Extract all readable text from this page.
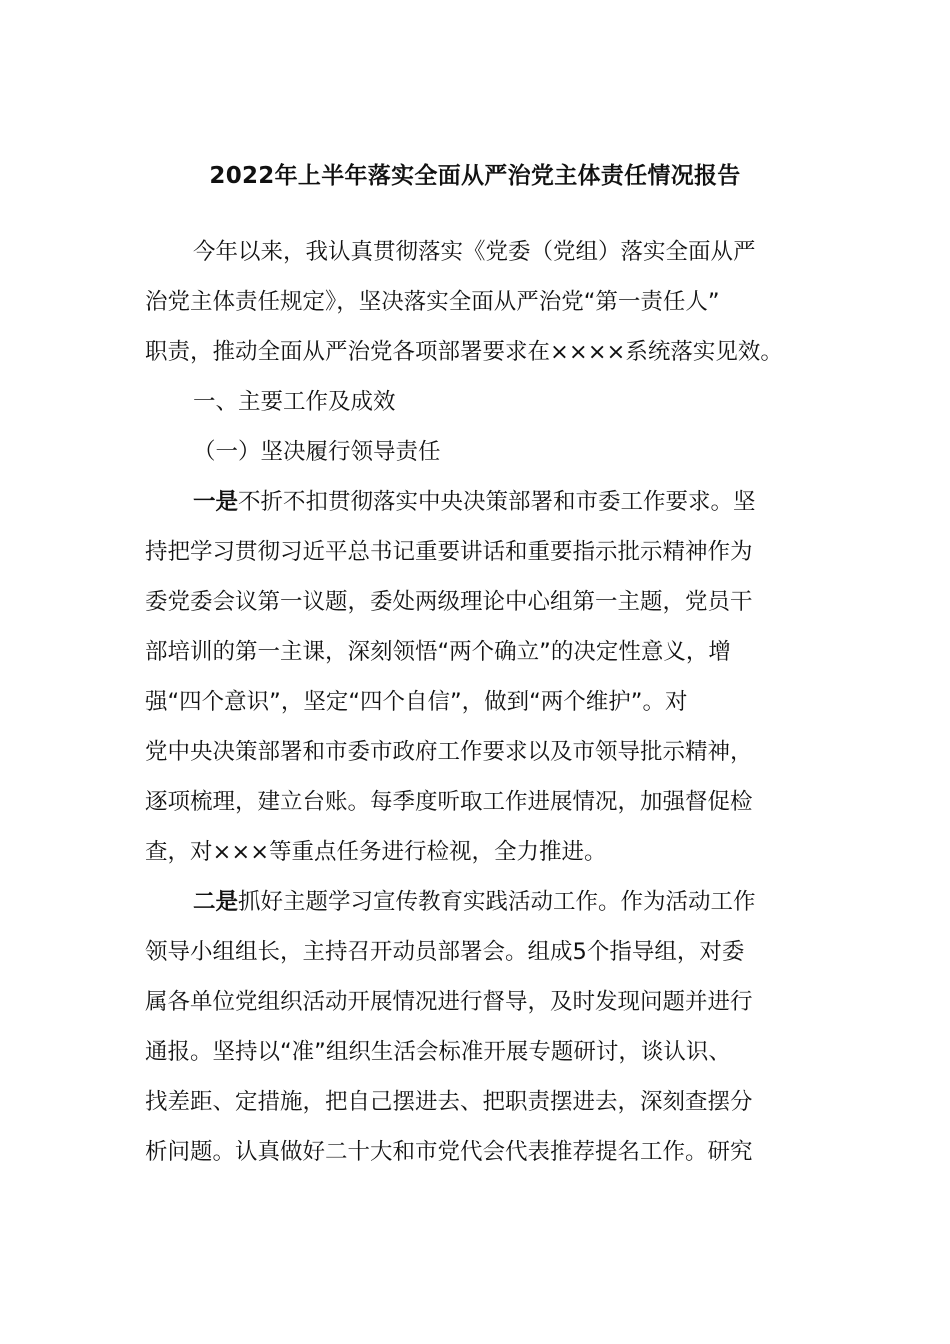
2022年上半年落实全面从严治党主体责任情况报告
今年以来，我认真贯彻落实《党委（党组）落实全面从严
治党主体责任规定》，坚决落实全面从严治党“第一责任人”
职责，推动全面从严治党各项部署要求在××××系统落实见效。
一、主要工作及成效
（一）坚决履行领导责任
一是不折不扣贯彻落实中央决策部署和市委工作要求。坚
持把学习贯彻习近平总书记重要讲话和重要指示批示精神作为
委党委会议第一议题，委处两级理论中心组第一主题，党员干
部培训的第一主课，深刻领悟“两个确立”的决定性意义，增
强“四个意识”，坚定“四个自信”，做到“两个维护”。对
党中央决策部署和市委市政府工作要求以及市领导批示精神，
逐项梳理，建立台账。每季度听取工作进展情况，加强督促检
查，对×××等重点任务进行检视，全力推进。
二是抓好主题学习宣传教育实践活动工作。作为活动工作
领导小组组长，主持召开动员部署会。组成5个指导组，对委
属各单位党组织活动开展情况进行督导，及时发现问题并进行
通报。坚持以“准”组织生活会标准开展专题研讨，谈认识、
找差距、定措施，把自己摆进去、把职责摆进去，深刻查摆分
析问题。认真做好二十大和市党代会代表推荐提名工作。研究
